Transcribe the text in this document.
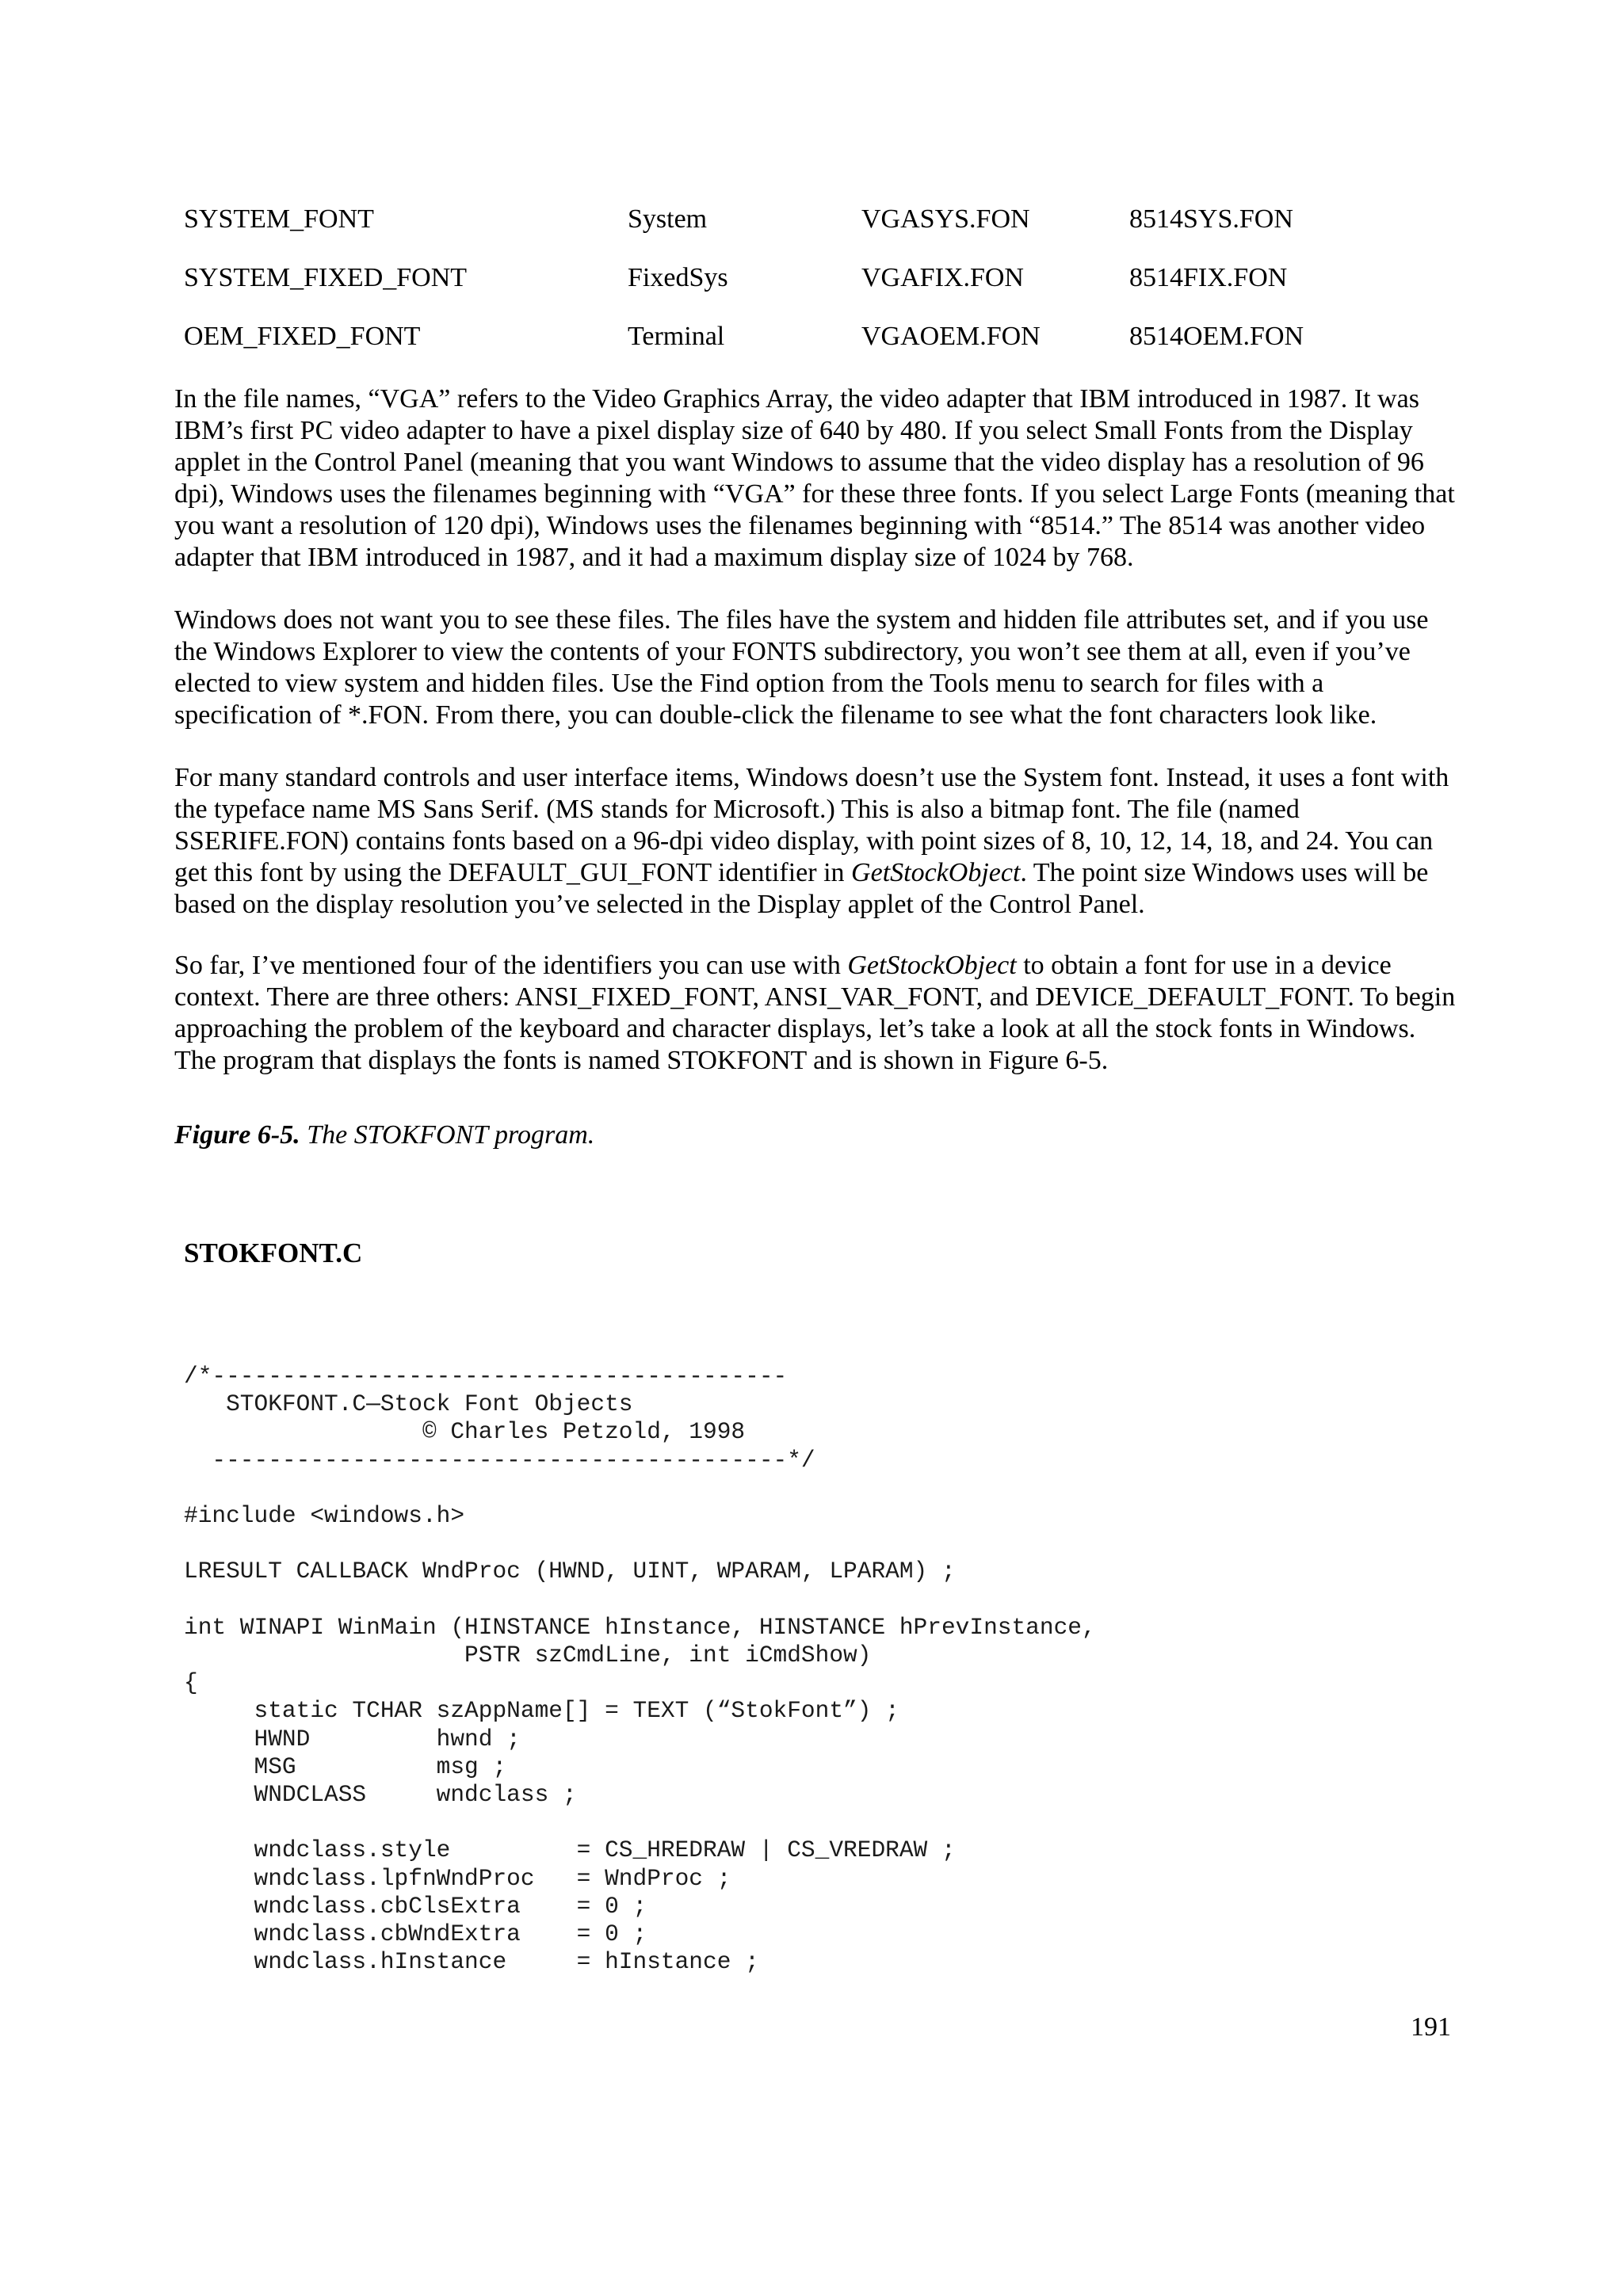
SYSTEM_FONT	System	VGASYS.FON	8514SYS.FON
SYSTEM_FIXED_FONT	FixedSys	VGAFIX.FON	8514FIX.FON
OEM_FIXED_FONT	Terminal	VGAOEM.FON	8514OEM.FON

In the file names, “VGA” refers to the Video Graphics Array, the video adapter that IBM introduced in 1987. It was IBM’s first PC video adapter to have a pixel display size of 640 by 480. If you select Small Fonts from the Display applet in the Control Panel (meaning that you want Windows to assume that the video display has a resolution of 96 dpi), Windows uses the filenames beginning with “VGA” for these three fonts. If you select Large Fonts (meaning that you want a resolution of 120 dpi), Windows uses the filenames beginning with “8514.” The 8514 was another video adapter that IBM introduced in 1987, and it had a maximum display size of 1024 by 768.

Windows does not want you to see these files. The files have the system and hidden file attributes set, and if you use the Windows Explorer to view the contents of your FONTS subdirectory, you won’t see them at all, even if you’ve elected to view system and hidden files. Use the Find option from the Tools menu to search for files with a specification of *.FON. From there, you can double-click the filename to see what the font characters look like.

For many standard controls and user interface items, Windows doesn’t use the System font. Instead, it uses a font with the typeface name MS Sans Serif. (MS stands for Microsoft.) This is also a bitmap font. The file (named SSERIFE.FON) contains fonts based on a 96-dpi video display, with point sizes of 8, 10, 12, 14, 18, and 24. You can get this font by using the DEFAULT_GUI_FONT identifier in GetStockObject. The point size Windows uses will be based on the display resolution you’ve selected in the Display applet of the Control Panel.

So far, I’ve mentioned four of the identifiers you can use with GetStockObject to obtain a font for use in a device context. There are three others: ANSI_FIXED_FONT, ANSI_VAR_FONT, and DEVICE_DEFAULT_FONT. To begin approaching the problem of the keyboard and character displays, let’s take a look at all the stock fonts in Windows. The program that displays the fonts is named STOKFONT and is shown in Figure 6-5.

Figure 6-5. The STOKFONT program.
STOKFONT.C
/*-----------------------------------------
STOKFONT.C—Stock Font Objects
© Charles Petzold, 1998
-----------------------------------------*/

#include <windows.h>

LRESULT CALLBACK WndProc (HWND, UINT, WPARAM, LPARAM) ;

int WINAPI WinMain (HINSTANCE hInstance, HINSTANCE hPrevInstance,
PSTR szCmdLine, int iCmdShow)
{
static TCHAR szAppName[] = TEXT (“StokFont”) ;
HWND         hwnd ;
MSG          msg ;
WNDCLASS     wndclass ;

wndclass.style         = CS_HREDRAW | CS_VREDRAW ;
wndclass.lpfnWndProc   = WndProc ;
wndclass.cbClsExtra    = 0 ;
wndclass.cbWndExtra    = 0 ;
wndclass.hInstance     = hInstance ;
191
